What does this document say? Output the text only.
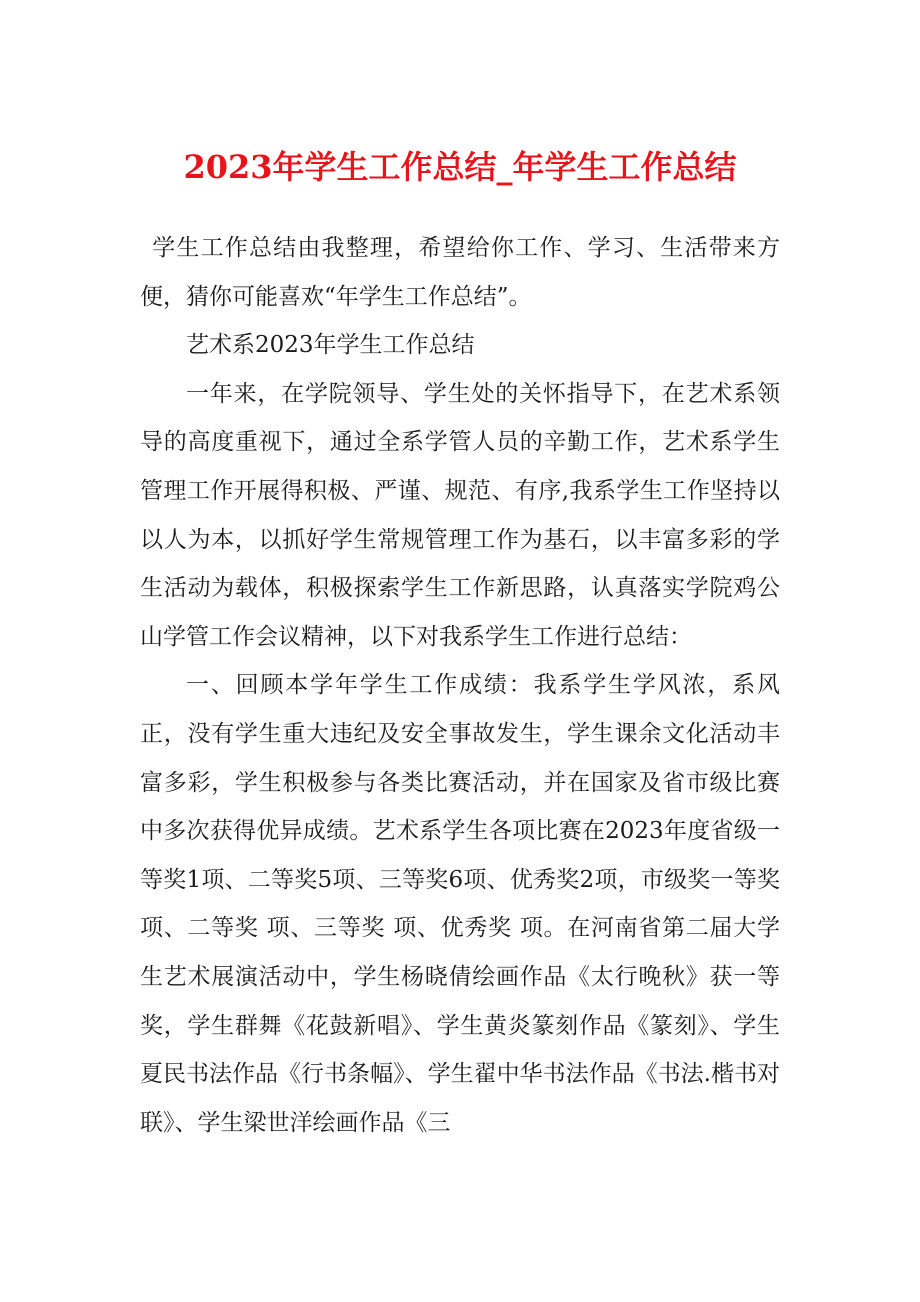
2023年学生工作总结_年学生工作总结

学生工作总结由我整理，希望给你工作、学习、生活带来方便，猜你可能喜欢“年学生工作总结”。

艺术系2023年学生工作总结

一年来，在学院领导、学生处的关怀指导下，在艺术系领导的高度重视下，通过全系学管人员的辛勤工作，艺术系学生管理工作开展得积极、严谨、规范、有序,我系学生工作坚持以以人为本，以抓好学生常规管理工作为基石，以丰富多彩的学生活动为载体，积极探索学生工作新思路，认真落实学院鸡公山学管工作会议精神，以下对我系学生工作进行总结：

一、回顾本学年学生工作成绩：我系学生学风浓，系风正，没有学生重大违纪及安全事故发生，学生课余文化活动丰富多彩，学生积极参与各类比赛活动，并在国家及省市级比赛中多次获得优异成绩。艺术系学生各项比赛在2023年度省级一等奖1项、二等奖5项、三等奖6项、优秀奖2项，市级奖一等奖 项、二等奖 项、三等奖 项、优秀奖 项。在河南省第二届大学生艺术展演活动中，学生杨晓倩绘画作品《太行晚秋》获一等奖，学生群舞《花鼓新唱》、学生黄炎篆刻作品《篆刻》、学生夏民书法作品《行书条幅》、学生翟中华书法作品《书法.楷书对联》、学生梁世洋绘画作品《三
